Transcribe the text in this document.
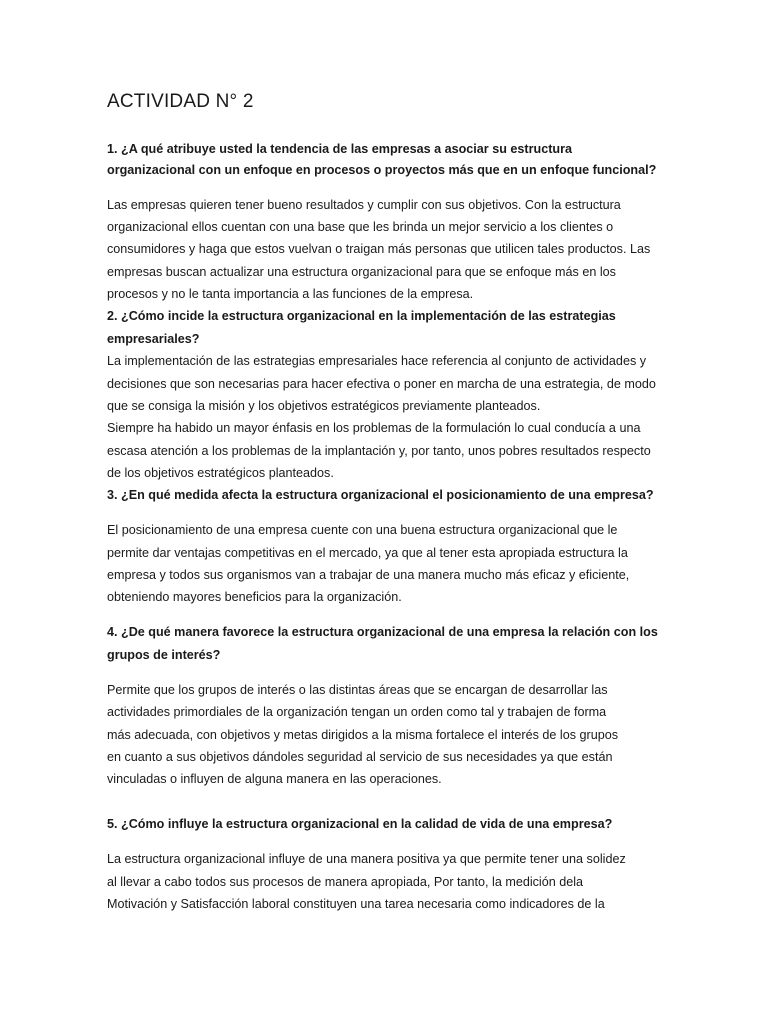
ACTIVIDAD N° 2

1. ¿A qué atribuye usted la tendencia de las empresas a asociar su estructura

organizacional con un enfoque en procesos o proyectos más que en un enfoque funcional?

Las empresas quieren tener bueno resultados y cumplir con sus objetivos. Con la estructura

organizacional ellos cuentan con una base que les brinda un mejor servicio a los clientes o

consumidores y haga que estos vuelvan o traigan más personas que utilicen tales productos. Las

empresas buscan actualizar una estructura organizacional para que se enfoque más en los

procesos y no le tanta importancia a las funciones de la empresa.

2. ¿Cómo incide la estructura organizacional en la implementación de las estrategias

empresariales?

La implementación de las estrategias empresariales hace referencia al conjunto de actividades y

decisiones que son necesarias para hacer efectiva o poner en marcha de una estrategia, de modo

que se consiga la misión y los objetivos estratégicos previamente planteados.

Siempre ha habido un mayor énfasis en los problemas de la formulación lo cual conducía a una

escasa atención a los problemas de la implantación y, por tanto, unos pobres resultados respecto

de los objetivos estratégicos planteados.

3. ¿En qué medida afecta la estructura organizacional el posicionamiento de una empresa?

El posicionamiento de una empresa cuente con una buena estructura organizacional que le

permite dar ventajas competitivas en el mercado, ya que al tener esta apropiada estructura la

empresa y todos sus organismos van a trabajar de una manera mucho más eficaz y eficiente,

obteniendo mayores beneficios para la organización.

4. ¿De qué manera favorece la estructura organizacional de una empresa la relación con los

grupos de interés?

Permite que los grupos de interés o las distintas áreas que se encargan de desarrollar las

actividades primordiales de la organización tengan un orden como tal y trabajen de forma

más adecuada, con objetivos y metas dirigidos a la misma fortalece el interés de los grupos

en cuanto a sus objetivos dándoles seguridad al servicio de sus necesidades ya que están

vinculadas o influyen de alguna manera en las operaciones.

5. ¿Cómo influye la estructura organizacional en la calidad de vida de una empresa?

La estructura organizacional influye de una manera positiva ya que permite tener una solidez

al llevar a cabo todos sus procesos de manera apropiada, Por tanto, la medición dela

Motivación y Satisfacción laboral constituyen una tarea necesaria como indicadores de la
